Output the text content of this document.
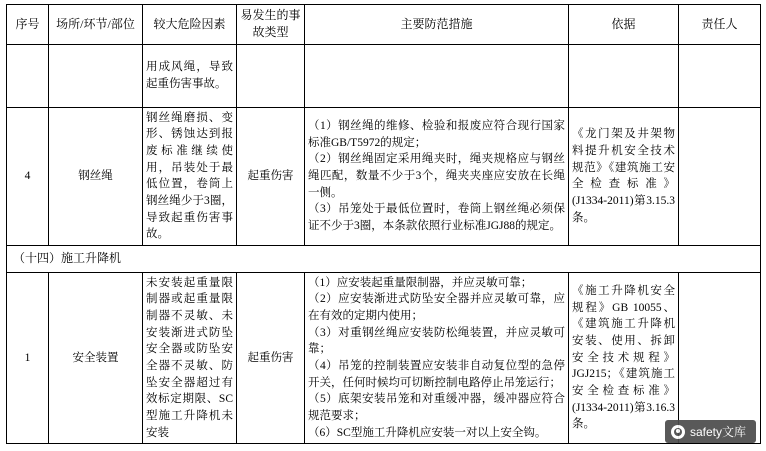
序号	场所/环节/部位	较大危险因素	易发生的事故类型	主要防范措施	依据	责任人
		用成风绳，导致起重伤害事故。				
4	钢丝绳	钢丝绳磨损、变形、锈蚀达到报废标准继续使用，吊装处于最低位置，卷筒上钢丝绳少于3圈，导致起重伤害事故。	起重伤害	（1）钢丝绳的维修、检验和报废应符合现行国家标准GB/T5972的规定；
（2）钢丝绳固定采用绳夹时，绳夹规格应与钢丝绳匹配，数量不少于3个，绳夹夹座应安放在长绳一侧。
（3）吊笼处于最低位置时，卷筒上钢丝绳必须保证不少于3圈，本条款依照行业标准JGJ88的规定。	《龙门架及井架物料提升机安全技术规范》《建筑施工安全检查标准》(J1334-2011)第3.15.3条。	
（十四）施工升降机						
1	安全装置	未安装起重量限制器或起重量限制器不灵敏、未安装渐进式防坠安全器或防坠安全器不灵敏、防坠安全器超过有效标定期限、SC型施工升降机未安装	起重伤害	（1）应安装起重量限制器，并应灵敏可靠；
（2）应安装渐进式防坠安全器并应灵敏可靠，应在有效的定期内使用；
（3）对重钢丝绳应安装防松绳装置，并应灵敏可靠；
（4）吊笼的控制装置应安装非自动复位型的急停开关，任何时候均可切断控制电路停止吊笼运行；
（5）底架安装吊笼和对重缓冲器，缓冲器应符合规范要求；
（6）SC型施工升降机应安装一对以上安全钩。	《施工升降机安全规程》GB 10055、《建筑施工升降机安装、使用、拆卸安全技术规程》JGJ215；《建筑施工安全检查标准》(J1334-2011)第3.16.3条。	
safety文库
